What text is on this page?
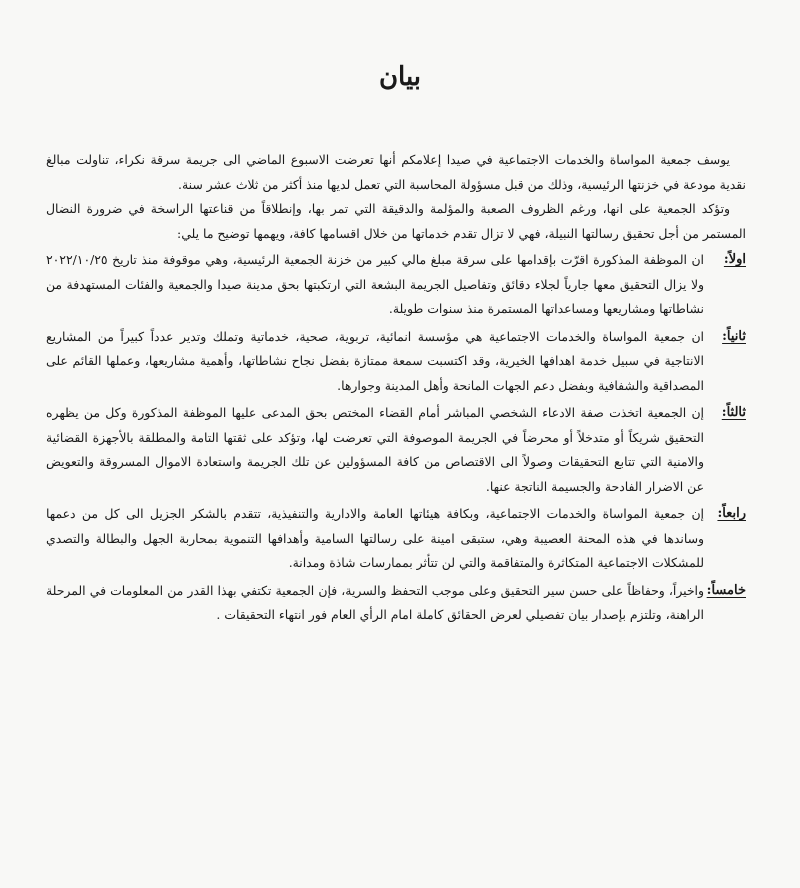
بيان

يوسف جمعية المواساة والخدمات الاجتماعية في صيدا إعلامكم أنها تعرضت الاسبوع الماضي الى جريمة سرقة نكراء، تناولت مبالغ نقدية مودعة في خزنتها الرئيسية، وذلك من قبل مسؤولة المحاسبة التي تعمل لديها منذ أكثر من ثلاث عشر سنة.

وتؤكد الجمعية على انها، ورغم الظروف الصعبة والمؤلمة والدقيقة التي تمر بها، وإنطلاقاً من قناعتها الراسخة في ضرورة النضال المستمر من أجل تحقيق رسالتها النبيلة، فهي لا تزال تقدم خدماتها من خلال اقسامها كافة، ويهمها توضيح ما يلي:

اولاً:

ان الموظفة المذكورة اقرّت بإقدامها على سرقة مبلغ مالي كبير من خزنة الجمعية الرئيسية، وهي موقوفة منذ تاريخ ٢٠٢٢/١٠/٢٥ ولا يزال التحقيق معها جارياً لجلاء دقائق وتفاصيل الجريمة البشعة التي ارتكبتها بحق مدينة صيدا والجمعية والفئات المستهدفة من نشاطاتها ومشاريعها ومساعداتها المستمرة منذ سنوات طويلة.

ثانياً:

ان جمعية المواساة والخدمات الاجتماعية هي مؤسسة انمائية، تربوية، صحية، خدماتية وتملك وتدير عدداً كبيراً من المشاريع الانتاجية في سبيل خدمة اهدافها الخيرية، وقد اكتسبت سمعة ممتازة بفضل نجاح نشاطاتها، وأهمية مشاريعها، وعملها القائم على المصداقية والشفافية وبفضل دعم الجهات المانحة وأهل المدينة وجوارها.

ثالثاً:

إن الجمعية اتخذت صفة الادعاء الشخصي المباشر أمام القضاء المختص بحق المدعى عليها الموظفة المذكورة وكل من يظهره التحقيق شريكاً أو متدخلاً أو محرضاً في الجريمة الموصوفة التي تعرضت لها، وتؤكد على ثقتها التامة والمطلقة بالأجهزة القضائية والامنية التي تتابع التحقيقات وصولاً الى الاقتصاص من كافة المسؤولين عن تلك الجريمة واستعادة الاموال المسروقة والتعويض عن الاضرار الفادحة والجسيمة الناتجة عنها.

رابعاً:

إن جمعية المواساة والخدمات الاجتماعية، وبكافة هيئاتها العامة والادارية والتنفيذية، تتقدم بالشكر الجزيل الى كل من دعمها وساندها في هذه المحنة العصيبة وهي، ستبقى امينة على رسالتها السامية وأهدافها التنموية بمحاربة الجهل والبطالة والتصدي للمشكلات الاجتماعية المتكاثرة والمتفاقمة والتي لن تتأثر بممارسات شاذة ومدانة.

خامساً:

واخيراً، وحفاظاً على حسن سير التحقيق وعلى موجب التحفظ والسرية، فإن الجمعية تكتفي بهذا القدر من المعلومات في المرحلة الراهنة، وتلتزم بإصدار بيان تفصيلي لعرض الحقائق كاملة امام الرأي العام فور انتهاء التحقيقات .
